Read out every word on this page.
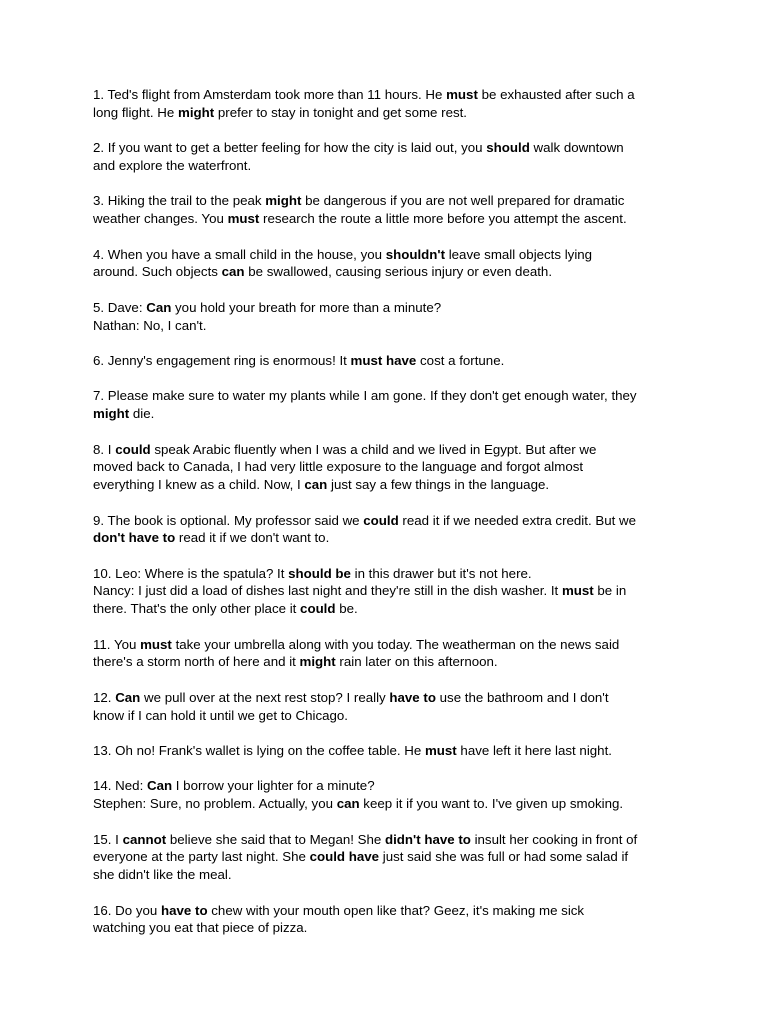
1. Ted's flight from Amsterdam took more than 11 hours. He must be exhausted after such a
long flight. He might prefer to stay in tonight and get some rest.
2. If you want to get a better feeling for how the city is laid out, you should walk downtown
and explore the waterfront.
3. Hiking the trail to the peak might be dangerous if you are not well prepared for dramatic
weather changes. You must research the route a little more before you attempt the ascent.
4. When you have a small child in the house, you shouldn't leave small objects lying
around. Such objects can be swallowed, causing serious injury or even death.
5. Dave: Can you hold your breath for more than a minute?
Nathan: No, I can't.
6. Jenny's engagement ring is enormous! It must have cost a fortune.
7. Please make sure to water my plants while I am gone. If they don't get enough water, they
might die.
8. I could speak Arabic fluently when I was a child and we lived in Egypt. But after we
moved back to Canada, I had very little exposure to the language and forgot almost
everything I knew as a child. Now, I can just say a few things in the language.
9. The book is optional. My professor said we could read it if we needed extra credit. But we
don't have to read it if we don't want to.
10. Leo: Where is the spatula? It should be in this drawer but it's not here.
Nancy: I just did a load of dishes last night and they're still in the dish washer. It must be in
there. That's the only other place it could be.
11. You must take your umbrella along with you today. The weatherman on the news said
there's a storm north of here and it might rain later on this afternoon.
12. Can we pull over at the next rest stop? I really have to use the bathroom and I don't
know if I can hold it until we get to Chicago.
13. Oh no! Frank's wallet is lying on the coffee table. He must have left it here last night.
14. Ned: Can I borrow your lighter for a minute?
Stephen: Sure, no problem. Actually, you can keep it if you want to. I've given up smoking.
15. I cannot believe she said that to Megan! She didn't have to insult her cooking in front of
everyone at the party last night. She could have just said she was full or had some salad if
she didn't like the meal.
16. Do you have to chew with your mouth open like that? Geez, it's making me sick
watching you eat that piece of pizza.
